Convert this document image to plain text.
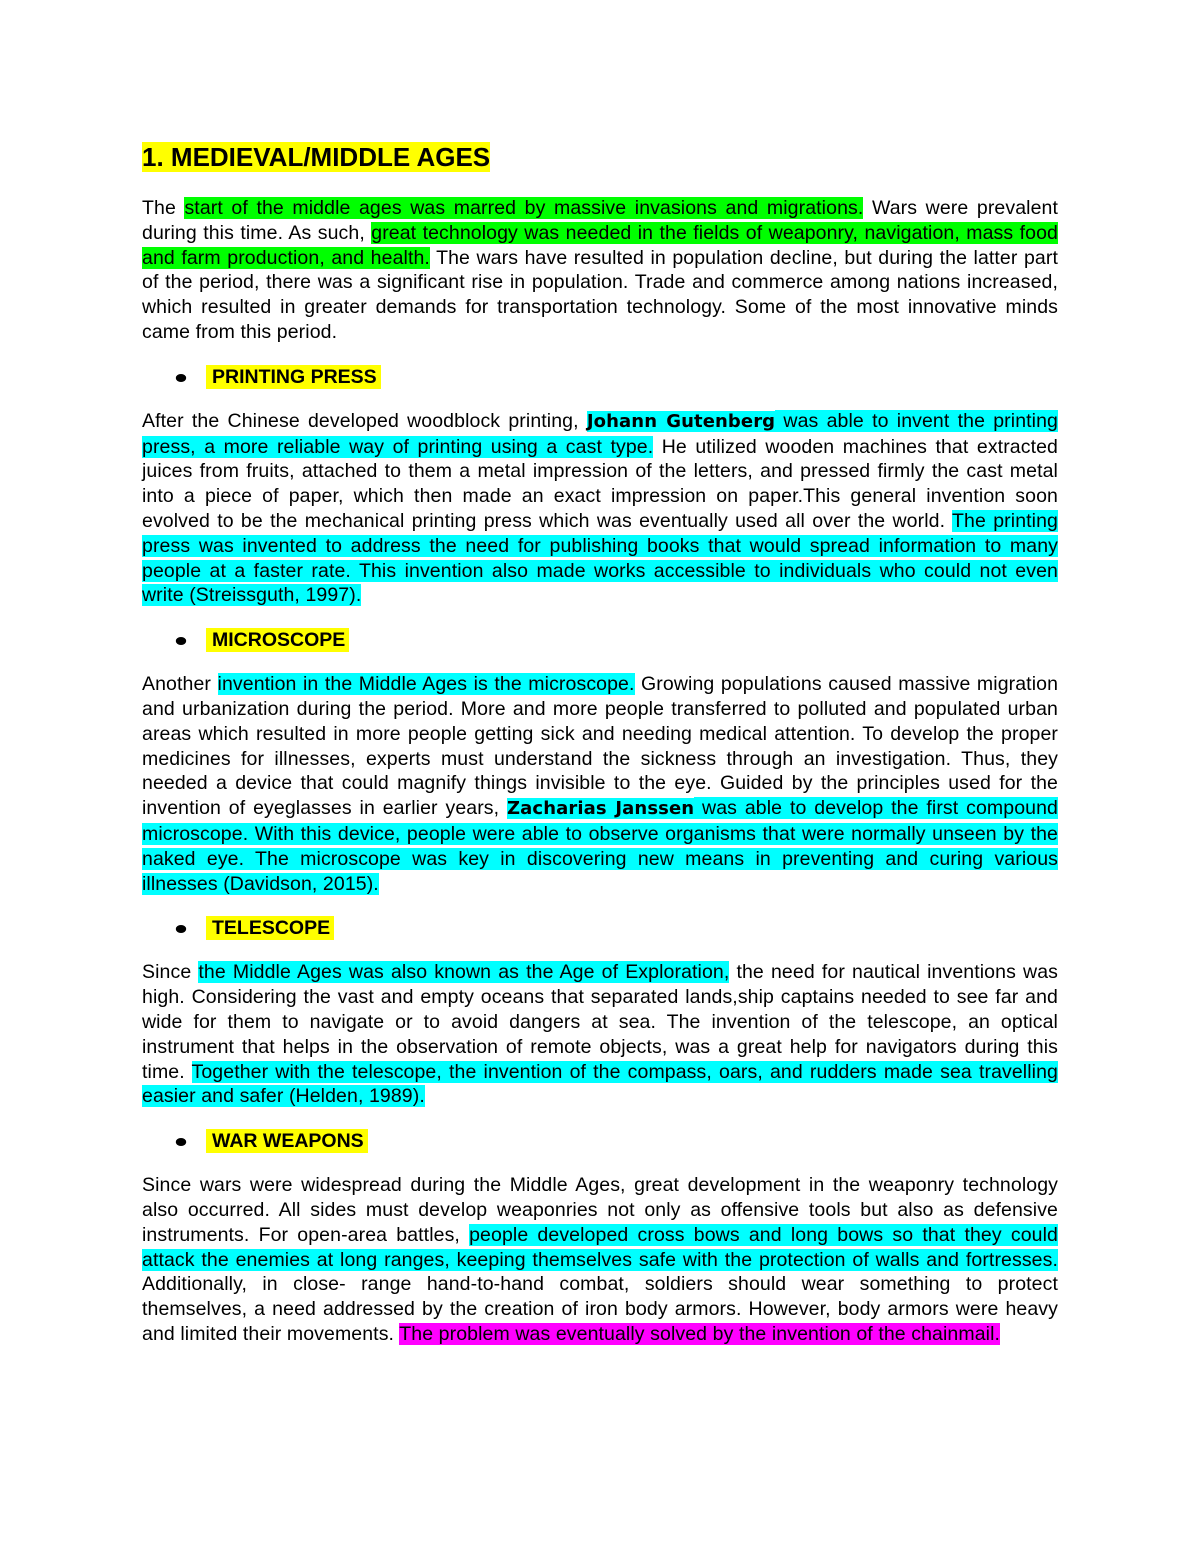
1. MEDIEVAL/MIDDLE AGES

The start of the middle ages was marred by massive invasions and migrations. Wars were prevalent during this time. As such, great technology was needed in the fields of weaponry, navigation, mass food and farm production, and health. The wars have resulted in population decline, but during the latter part of the period, there was a significant rise in population. Trade and commerce among nations increased, which resulted in greater demands for transportation technology. Some of the most innovative minds came from this period.

PRINTING PRESS

After the Chinese developed woodblock printing, Johann Gutenberg was able to invent the printing press, a more reliable way of printing using a cast type. He utilized wooden machines that extracted juices from fruits, attached to them a metal impression of the letters, and pressed firmly the cast metal into a piece of paper, which then made an exact impression on paper.This general invention soon evolved to be the mechanical printing press which was eventually used all over the world. The printing press was invented to address the need for publishing books that would spread information to many people at a faster rate. This invention also made works accessible to individuals who could not even write (Streissguth, 1997).

MICROSCOPE

Another invention in the Middle Ages is the microscope. Growing populations caused massive migration and urbanization during the period. More and more people transferred to polluted and populated urban areas which resulted in more people getting sick and needing medical attention. To develop the proper medicines for illnesses, experts must understand the sickness through an investigation. Thus, they needed a device that could magnify things invisible to the eye. Guided by the principles used for the invention of eyeglasses in earlier years, Zacharias Janssen was able to develop the first compound microscope. With this device, people were able to observe organisms that were normally unseen by the naked eye. The microscope was key in discovering new means in preventing and curing various illnesses (Davidson, 2015).

TELESCOPE

Since the Middle Ages was also known as the Age of Exploration, the need for nautical inventions was high. Considering the vast and empty oceans that separated lands,ship captains needed to see far and wide for them to navigate or to avoid dangers at sea. The invention of the telescope, an optical instrument that helps in the observation of remote objects, was a great help for navigators during this time. Together with the telescope, the invention of the compass, oars, and rudders made sea travelling easier and safer (Helden, 1989).

WAR WEAPONS

Since wars were widespread during the Middle Ages, great development in the weaponry technology also occurred. All sides must develop weaponries not only as offensive tools but also as defensive instruments. For open-area battles, people developed cross bows and long bows so that they could attack the enemies at long ranges, keeping themselves safe with the protection of walls and fortresses. Additionally, in close- range hand-to-hand combat, soldiers should wear something to protect themselves, a need addressed by the creation of iron body armors. However, body armors were heavy and limited their movements. The problem was eventually solved by the invention of the chainmail.
